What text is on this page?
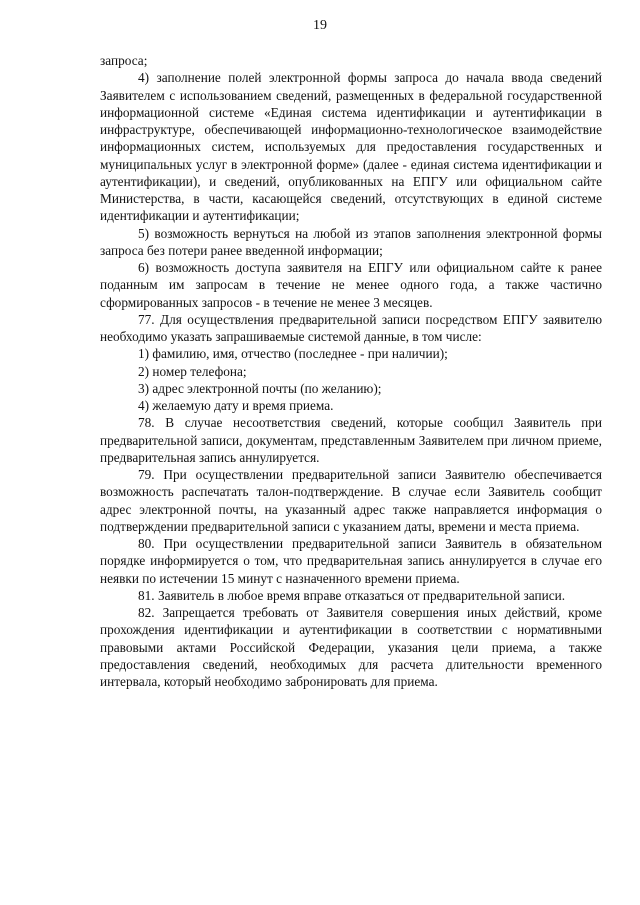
19

запроса;

4) заполнение полей электронной формы запроса до начала ввода сведений Заявителем с использованием сведений, размещенных в федеральной государственной информационной системе «Единая система идентификации и аутентификации в инфраструктуре, обеспечивающей информационно-технологическое взаимодействие информационных систем, используемых для предоставления государственных и муниципальных услуг в электронной форме» (далее - единая система идентификации и аутентификации), и сведений, опубликованных на ЕПГУ или официальном сайте Министерства, в части, касающейся сведений, отсутствующих в единой системе идентификации и аутентификации;

5) возможность вернуться на любой из этапов заполнения электронной формы запроса без потери ранее введенной информации;

6) возможность доступа заявителя на ЕПГУ или официальном сайте к ранее поданным им запросам в течение не менее одного года, а также частично сформированных запросов - в течение не менее 3 месяцев.

77. Для осуществления предварительной записи посредством ЕПГУ заявителю необходимо указать запрашиваемые системой данные, в том числе:

1) фамилию, имя, отчество (последнее - при наличии);

2) номер телефона;

3) адрес электронной почты (по желанию);

4) желаемую дату и время приема.

78. В случае несоответствия сведений, которые сообщил Заявитель при предварительной записи, документам, представленным Заявителем при личном приеме, предварительная запись аннулируется.

79. При осуществлении предварительной записи Заявителю обеспечивается возможность распечатать талон-подтверждение. В случае если Заявитель сообщит адрес электронной почты, на указанный адрес также направляется информация о подтверждении предварительной записи с указанием даты, времени и места приема.

80. При осуществлении предварительной записи Заявитель в обязательном порядке информируется о том, что предварительная запись аннулируется в случае его неявки по истечении 15 минут с назначенного времени приема.

81. Заявитель в любое время вправе отказаться от предварительной записи.

82. Запрещается требовать от Заявителя совершения иных действий, кроме прохождения идентификации и аутентификации в соответствии с нормативными правовыми актами Российской Федерации, указания цели приема, а также предоставления сведений, необходимых для расчета длительности временного интервала, который необходимо забронировать для приема.
